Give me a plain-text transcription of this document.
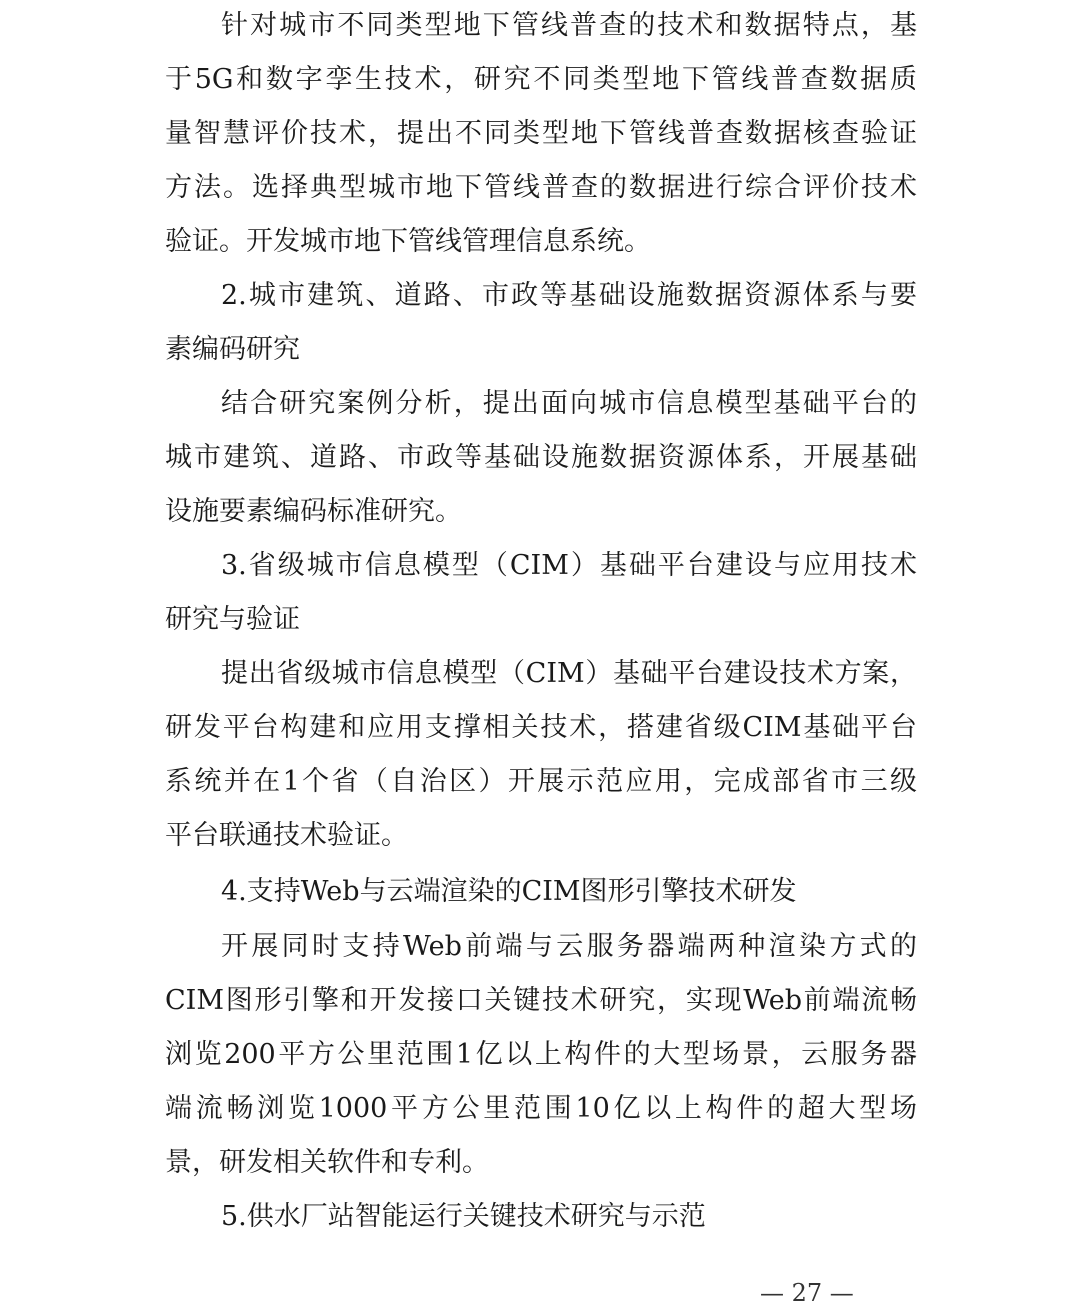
针对城市不同类型地下管线普查的技术和数据特点，基
于5G和数字孪生技术，研究不同类型地下管线普查数据质
量智慧评价技术，提出不同类型地下管线普查数据核查验证
方法。选择典型城市地下管线普查的数据进行综合评价技术
验证。开发城市地下管线管理信息系统。
2.城市建筑、道路、市政等基础设施数据资源体系与要
素编码研究
结合研究案例分析，提出面向城市信息模型基础平台的
城市建筑、道路、市政等基础设施数据资源体系，开展基础
设施要素编码标准研究。
3.省级城市信息模型（CIM）基础平台建设与应用技术
研究与验证
提出省级城市信息模型（CIM）基础平台建设技术方案，
研发平台构建和应用支撑相关技术，搭建省级CIM基础平台
系统并在1个省（自治区）开展示范应用，完成部省市三级
平台联通技术验证。
4.支持Web与云端渲染的CIM图形引擎技术研发
开展同时支持Web前端与云服务器端两种渲染方式的
CIM图形引擎和开发接口关键技术研究，实现Web前端流畅
浏览200平方公里范围1亿以上构件的大型场景，云服务器
端流畅浏览1000平方公里范围10亿以上构件的超大型场
景，研发相关软件和专利。
5.供水厂站智能运行关键技术研究与示范
— 27 —
